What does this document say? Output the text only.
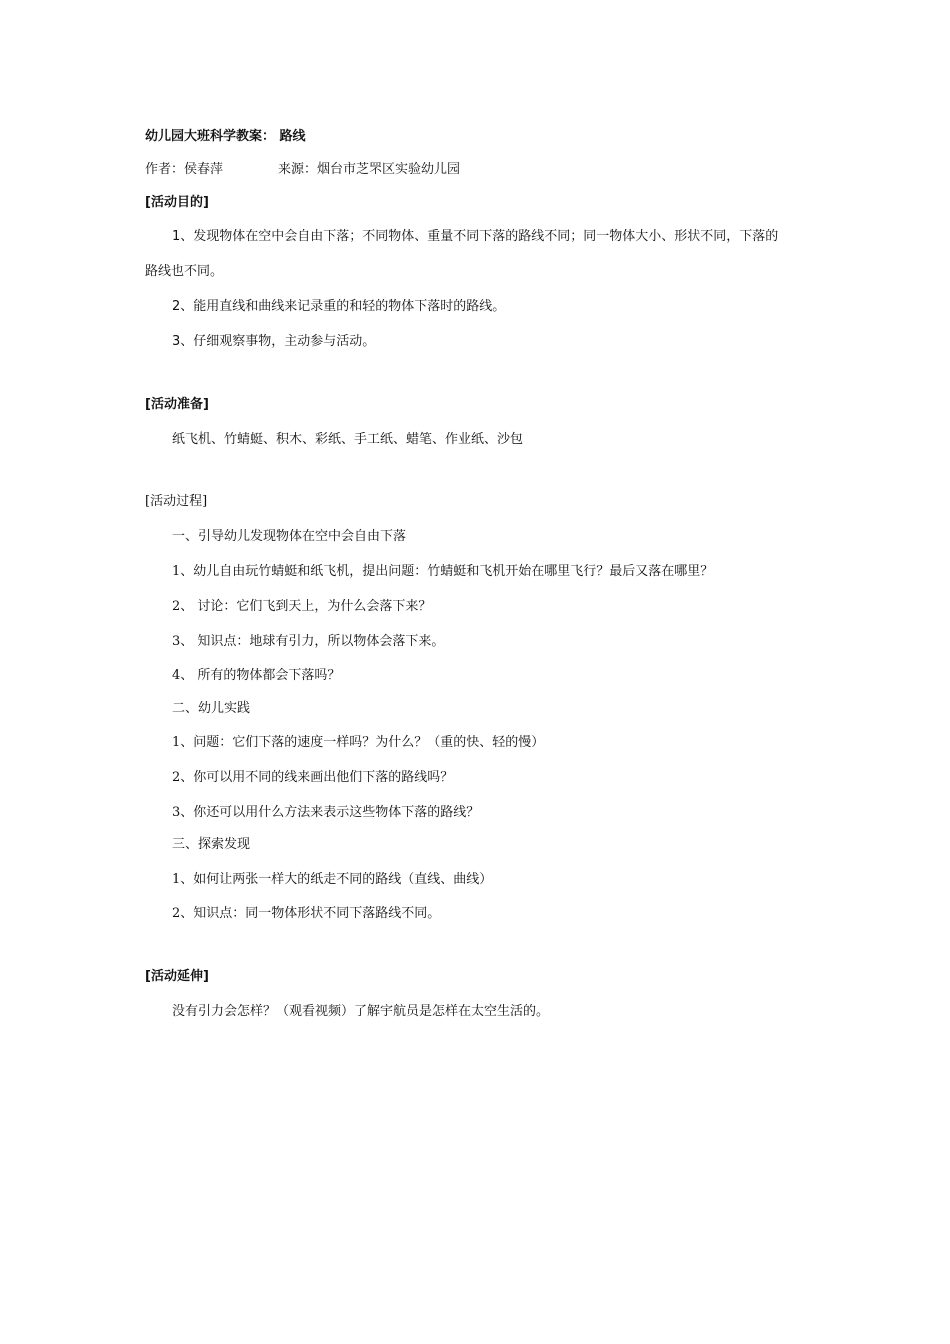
幼儿园大班科学教案： 路线
作者：侯春萍	来源：烟台市芝罘区实验幼儿园
[活动目的]
1、发现物体在空中会自由下落；不同物体、重量不同下落的路线不同；同一物体大小、形状不同，下落的
路线也不同。
2、能用直线和曲线来记录重的和轻的物体下落时的路线。
3、仔细观察事物，主动参与活动。
[活动准备]
纸飞机、竹蜻蜓、积木、彩纸、手工纸、蜡笔、作业纸、沙包
[活动过程]
一、引导幼儿发现物体在空中会自由下落
1、幼儿自由玩竹蜻蜓和纸飞机，提出问题：竹蜻蜓和飞机开始在哪里飞行？最后又落在哪里？
2、 讨论：它们飞到天上，为什么会落下来？
3、 知识点：地球有引力，所以物体会落下来。
4、 所有的物体都会下落吗？
二、幼儿实践
1、问题：它们下落的速度一样吗？为什么？（重的快、轻的慢）
2、你可以用不同的线来画出他们下落的路线吗？
3、你还可以用什么方法来表示这些物体下落的路线？
三、探索发现
1、如何让两张一样大的纸走不同的路线（直线、曲线）
2、知识点：同一物体形状不同下落路线不同。
[活动延伸]
没有引力会怎样？（观看视频）了解宇航员是怎样在太空生活的。
